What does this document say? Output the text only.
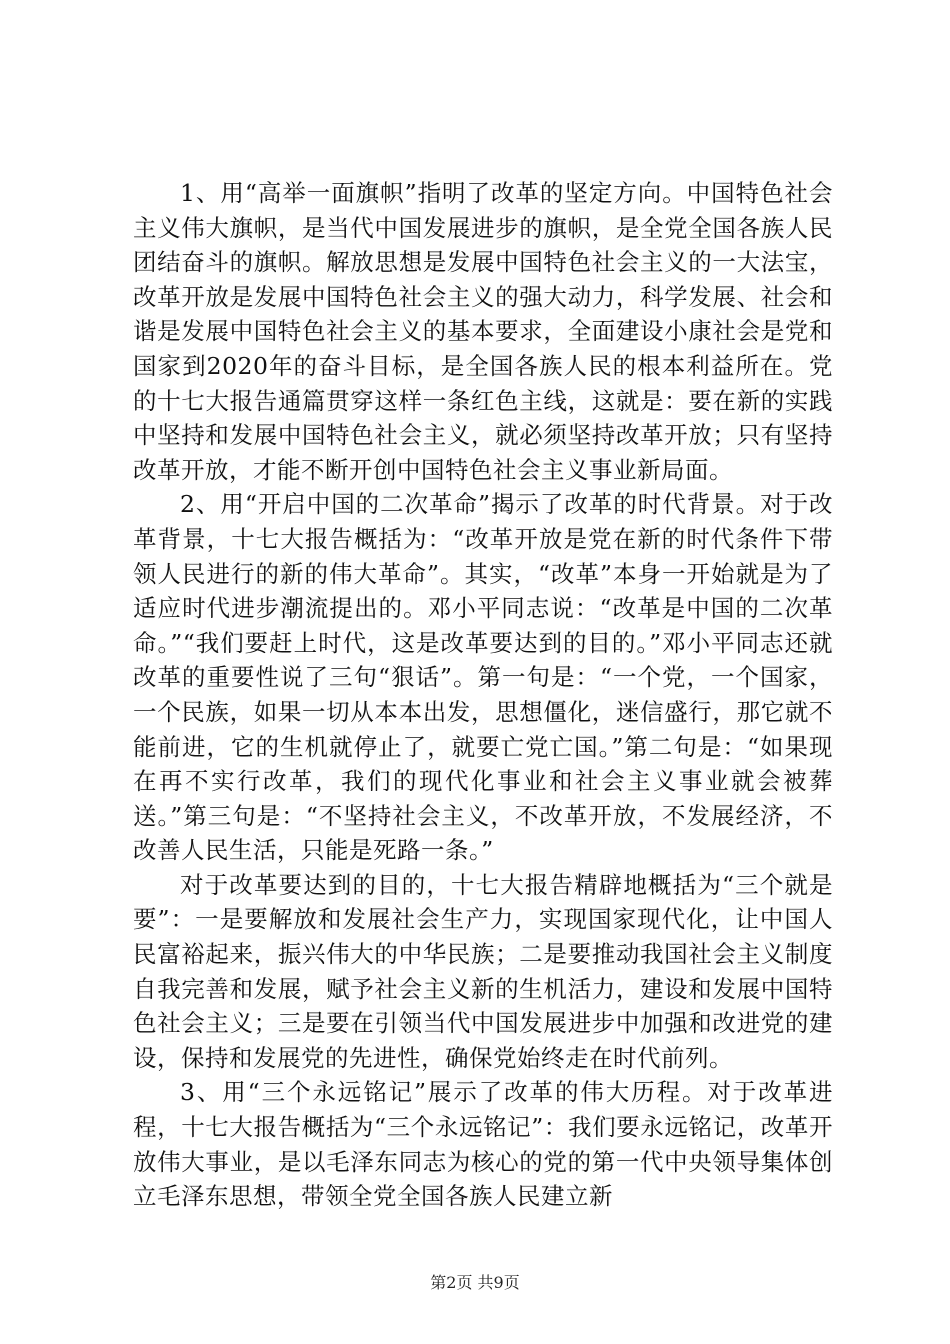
1、用“高举一面旗帜”指明了改革的坚定方向。中国特色社会主义伟大旗帜，是当代中国发展进步的旗帜，是全党全国各族人民团结奋斗的旗帜。解放思想是发展中国特色社会主义的一大法宝，改革开放是发展中国特色社会主义的强大动力，科学发展、社会和谐是发展中国特色社会主义的基本要求，全面建设小康社会是党和国家到2020年的奋斗目标，是全国各族人民的根本利益所在。党的十七大报告通篇贯穿这样一条红色主线，这就是：要在新的实践中坚持和发展中国特色社会主义，就必须坚持改革开放；只有坚持改革开放，才能不断开创中国特色社会主义事业新局面。

2、用“开启中国的二次革命”揭示了改革的时代背景。对于改革背景，十七大报告概括为：“改革开放是党在新的时代条件下带领人民进行的新的伟大革命”。其实，“改革”本身一开始就是为了适应时代进步潮流提出的。邓小平同志说：“改革是中国的二次革命。”“我们要赶上时代，这是改革要达到的目的。”邓小平同志还就改革的重要性说了三句“狠话”。第一句是：“一个党，一个国家，一个民族，如果一切从本本出发，思想僵化，迷信盛行，那它就不能前进，它的生机就停止了，就要亡党亡国。”第二句是：“如果现在再不实行改革，我们的现代化事业和社会主义事业就会被葬送。”第三句是：“不坚持社会主义，不改革开放，不发展经济，不改善人民生活，只能是死路一条。”

对于改革要达到的目的，十七大报告精辟地概括为“三个就是要”：一是要解放和发展社会生产力，实现国家现代化，让中国人民富裕起来，振兴伟大的中华民族；二是要推动我国社会主义制度自我完善和发展，赋予社会主义新的生机活力，建设和发展中国特色社会主义；三是要在引领当代中国发展进步中加强和改进党的建设，保持和发展党的先进性，确保党始终走在时代前列。

3、用“三个永远铭记”展示了改革的伟大历程。对于改革进程，十七大报告概括为“三个永远铭记”：我们要永远铭记，改革开放伟大事业，是以毛泽东同志为核心的党的第一代中央领导集体创立毛泽东思想，带领全党全国各族人民建立新

第2页 共9页
